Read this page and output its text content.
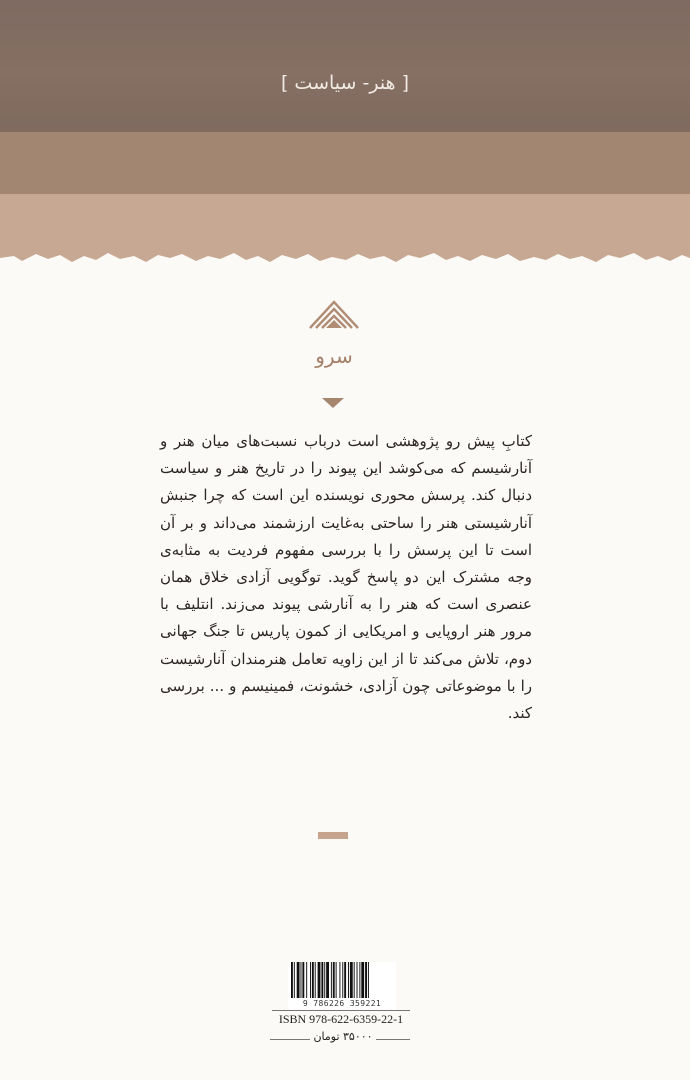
[ هنر- سیاست ]
سرو
کتابِ پیش رو پژوهشی است درباب نسبت‌های میان هنر و آنارشیسم که می‌کوشد این پیوند را در تاریخ هنر و سیاست دنبال کند. پرسش محوری نویسنده این است که چرا جنبش آنارشیستی هنر را ساحتی به‌غایت ارزشمند می‌داند و بر آن است تا این پرسش را با بررسی مفهوم فردیت به مثابه‌ی وجه مشترک این دو پاسخ گوید. توگویی آزادی خلاق همان عنصری است که هنر را به آنارشی پیوند می‌زند. انتلیف با مرور هنر اروپایی و امریکایی از کمون پاریس تا جنگ جهانی دوم، تلاش می‌کند تا از این زاویه تعامل هنرمندان آنارشیست را با موضوعاتی چون آزادی، خشونت، فمینیسم و ... بررسی کند.
9 786226 359221
ISBN 978-622-6359-22-1
۳۵۰۰۰ تومان
